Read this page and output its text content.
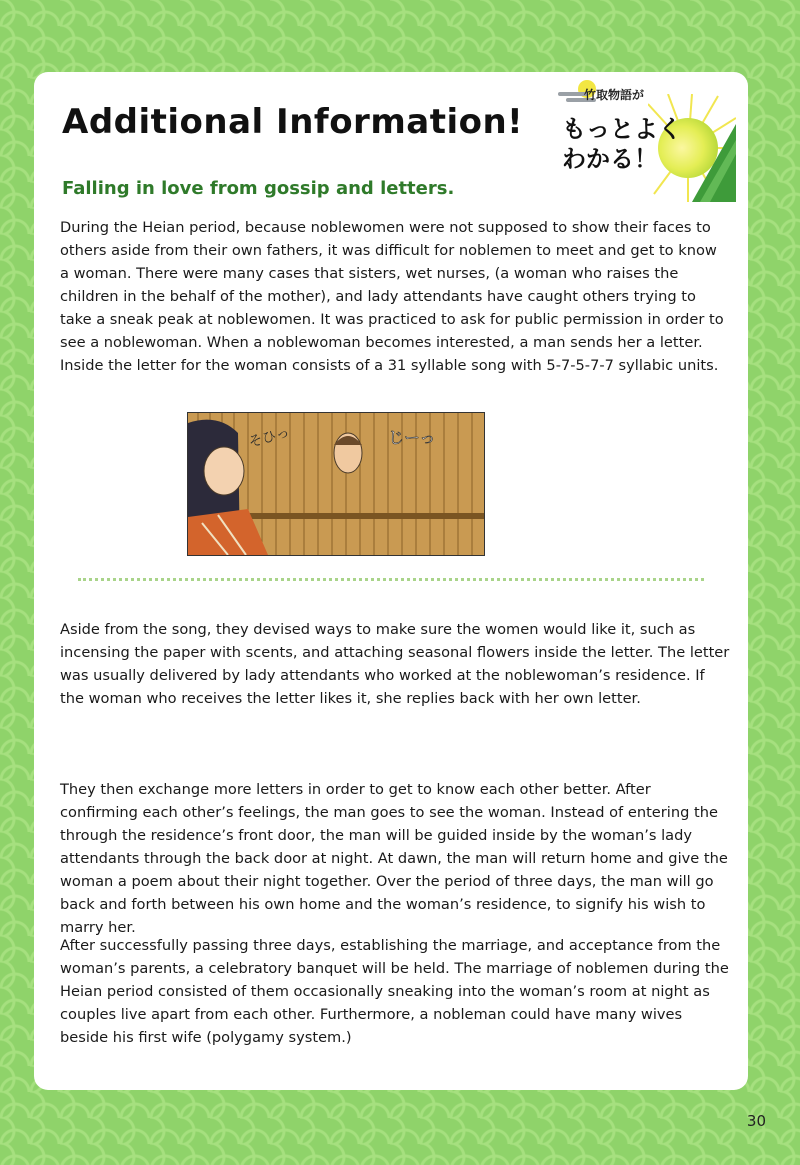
Additional Information!
竹取物語が
もっとよくわかる！
Falling in love from gossip and letters.

During the Heian period, because noblewomen were not supposed to show their faces to others aside from their own fathers, it was difficult for noblemen to meet and get to know a woman. There were many cases that sisters, wet nurses, (a woman who raises the children in the behalf of the mother), and lady attendants have caught others trying to take a sneak peak at noblewomen. It was practiced to ask for public permission in order to see a noblewoman. When a noblewoman becomes interested, a man sends her a letter. Inside the letter for the woman consists of a 31 syllable song with 5-7-5-7-7 syllabic units.

そひっ	じーっ

Aside from the song, they devised ways to make sure the women would like it, such as incensing the paper with scents, and attaching seasonal flowers inside the letter. The letter was usually delivered by lady attendants who worked at the noblewoman’s residence. If the woman who receives the letter likes it, she replies back with her own letter.

They then exchange more letters in order to get to know each other better. After confirming each other’s feelings, the man goes to see the woman. Instead of entering the through the residence’s front door, the man will be guided inside by the woman’s lady attendants through the back door at night. At dawn, the man will return home and give the woman a poem about their night together. Over the period of three days, the man will go back and forth between his own home and the woman’s residence, to signify his wish to marry her.

After successfully passing three days, establishing the marriage, and acceptance from the woman’s parents, a celebratory banquet will be held. The marriage of noblemen during the Heian period consisted of them occasionally sneaking into the woman’s room at night as couples live apart from each other. Furthermore, a nobleman could have many wives beside his first wife (polygamy system.)

30
